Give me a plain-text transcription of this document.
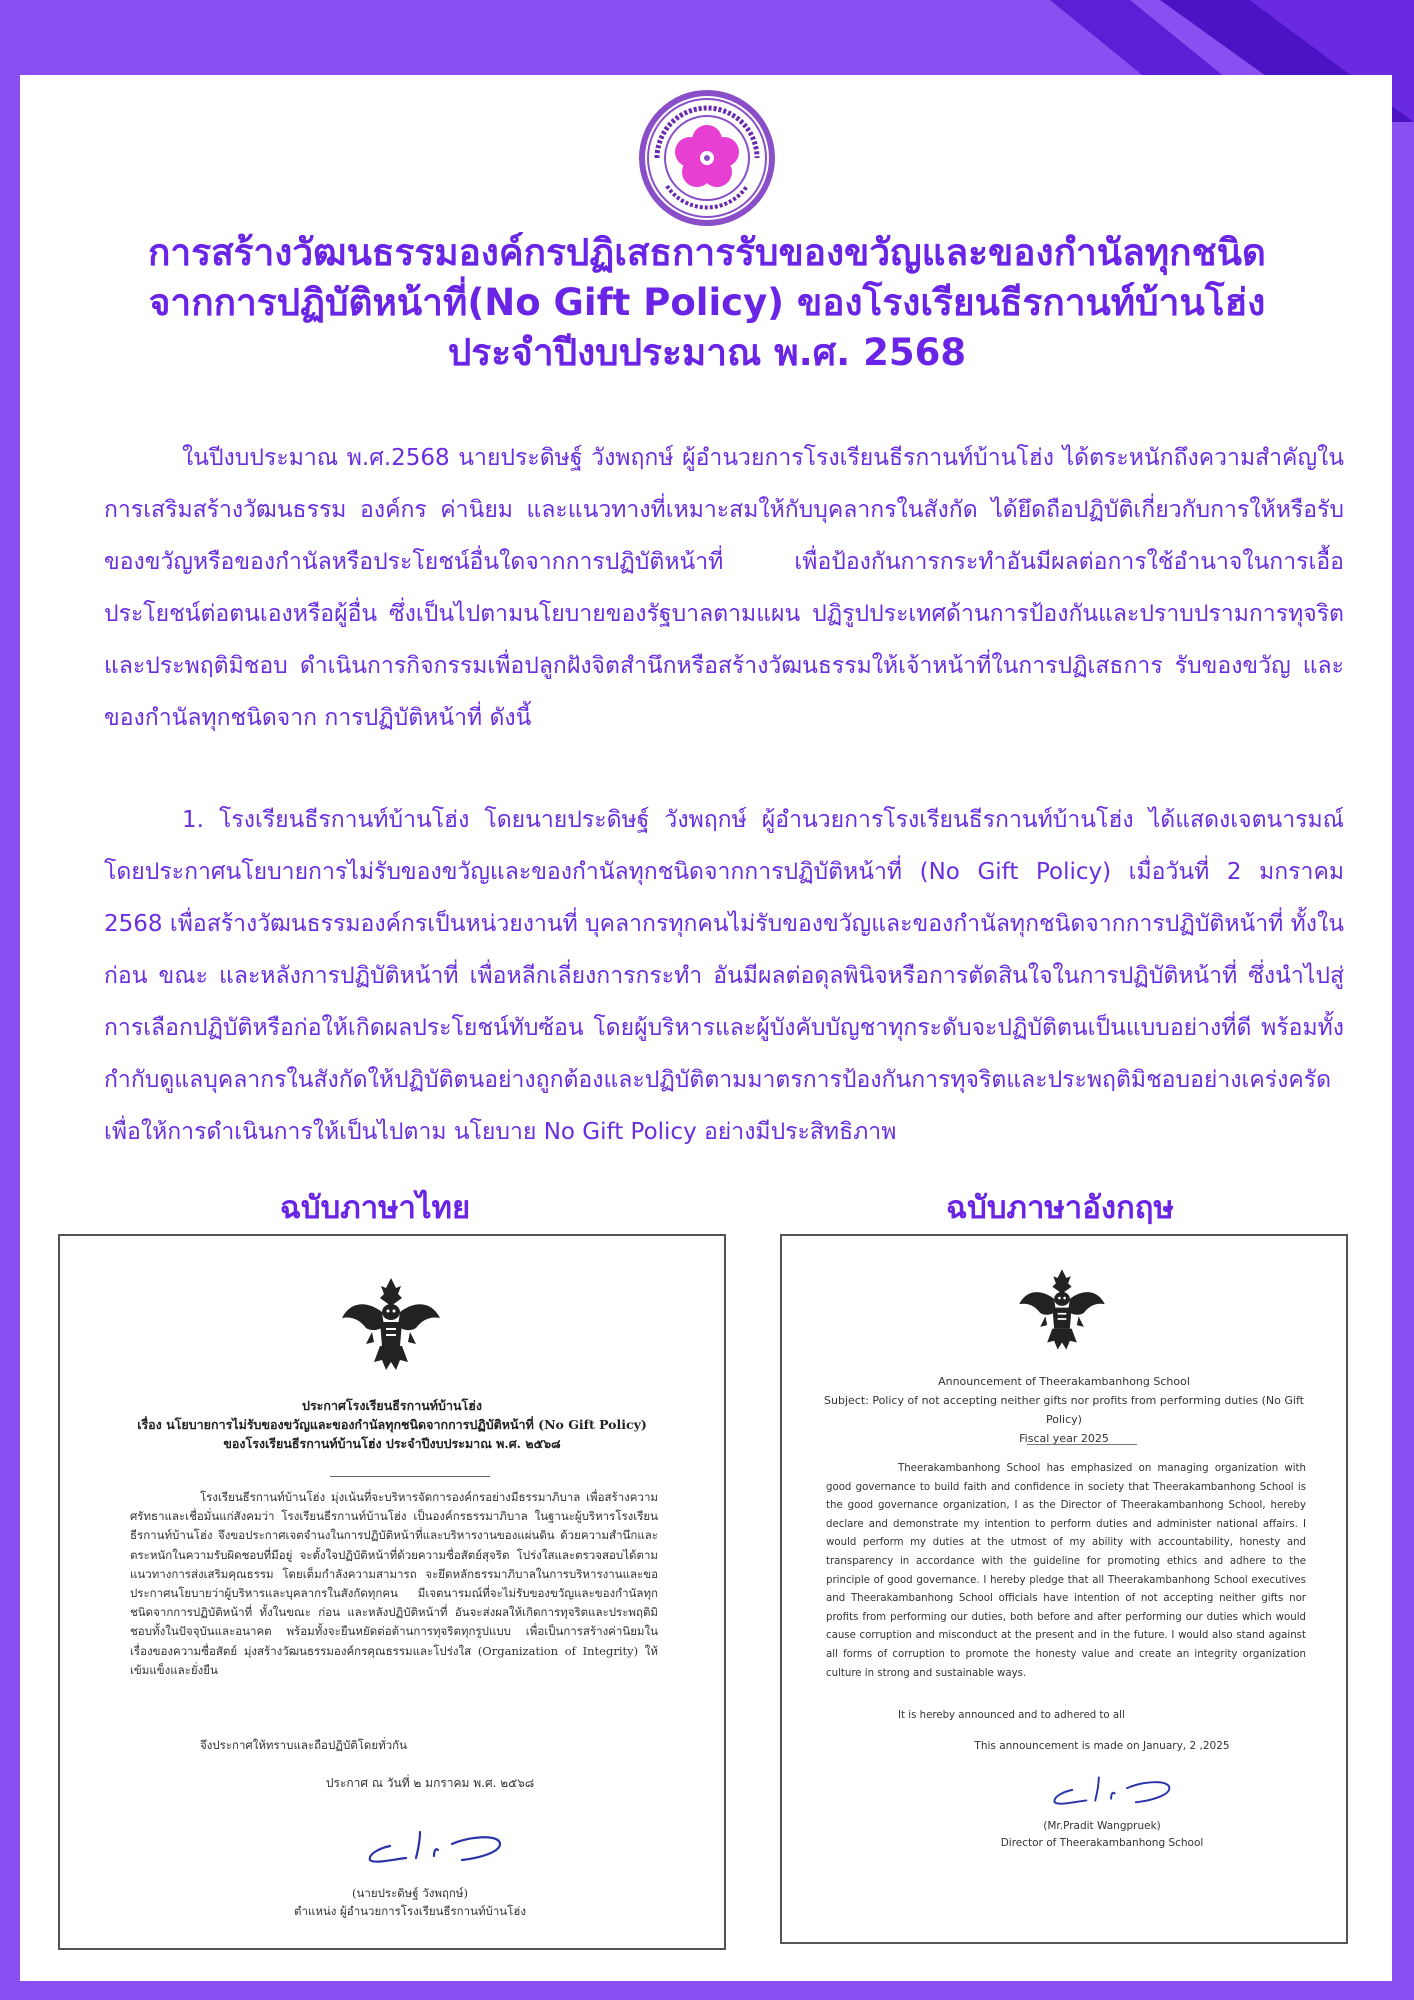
การสร้างวัฒนธรรมองค์กรปฏิเสธการรับของขวัญและของกำนัลทุกชนิด
จากการปฏิบัติหน้าที่(No Gift Policy) ของโรงเรียนธีรกานท์บ้านโฮ่ง
ประจำปีงบประมาณ พ.ศ. 2568

ในปีงบประมาณ พ.ศ.2568 นายประดิษฐ์ วังพฤกษ์ ผู้อำนวยการโรงเรียนธีรกานท์บ้านโฮ่ง ได้ตระหนักถึงความสำคัญในการเสริมสร้างวัฒนธรรม องค์กร ค่านิยม และแนวทางที่เหมาะสมให้กับบุคลากรในสังกัด ได้ยึดถือปฏิบัติเกี่ยวกับการให้หรือรับของขวัญหรือของกำนัลหรือประโยชน์อื่นใดจากการปฏิบัติหน้าที่ เพื่อป้องกันการกระทำอันมีผลต่อการใช้อำนาจในการเอื้อประโยชน์ต่อตนเองหรือผู้อื่น ซึ่งเป็นไปตามนโยบายของรัฐบาลตามแผน ปฏิรูปประเทศด้านการป้องกันและปราบปรามการทุจริตและประพฤติมิชอบ ดำเนินการกิจกรรมเพื่อปลูกฝังจิตสำนึกหรือสร้างวัฒนธรรมให้เจ้าหน้าที่ในการปฏิเสธการ รับของขวัญ และของกำนัลทุกชนิดจาก การปฏิบัติหน้าที่ ดังนี้

1. โรงเรียนธีรกานท์บ้านโฮ่ง โดยนายประดิษฐ์ วังพฤกษ์ ผู้อำนวยการโรงเรียนธีรกานท์บ้านโฮ่ง ได้แสดงเจตนารมณ์โดยประกาศนโยบายการไม่รับของขวัญและของกำนัลทุกชนิดจากการปฏิบัติหน้าที่ (No Gift Policy) เมื่อวันที่ 2 มกราคม 2568 เพื่อสร้างวัฒนธรรมองค์กรเป็นหน่วยงานที่ บุคลากรทุกคนไม่รับของขวัญและของกำนัลทุกชนิดจากการปฏิบัติหน้าที่ ทั้งในก่อน ขณะ และหลังการปฏิบัติหน้าที่ เพื่อหลีกเลี่ยงการกระทำ อันมีผลต่อดุลพินิจหรือการตัดสินใจในการปฏิบัติหน้าที่ ซึ่งนำไปสู่การเลือกปฏิบัติหรือก่อให้เกิดผลประโยชน์ทับซ้อน โดยผู้บริหารและผู้บังคับบัญชาทุกระดับจะปฏิบัติตนเป็นแบบอย่างที่ดี พร้อมทั้งกำกับดูแลบุคลากรในสังกัดให้ปฏิบัติตนอย่างถูกต้องและปฏิบัติตามมาตรการป้องกันการทุจริตและประพฤติมิชอบอย่างเคร่งครัด เพื่อให้การดำเนินการให้เป็นไปตาม นโยบาย No Gift Policy อย่างมีประสิทธิภาพ

ฉบับภาษาไทย	ฉบับภาษาอังกฤษ
ประกาศโรงเรียนธีรกานท์บ้านโฮ่ง
เรื่อง นโยบายการไม่รับของขวัญและของกำนัลทุกชนิดจากการปฏิบัติหน้าที่ (No Gift Policy)
ของโรงเรียนธีรกานท์บ้านโฮ่ง ประจำปีงบประมาณ พ.ศ. ๒๕๖๘

โรงเรียนธีรกานท์บ้านโฮ่ง มุ่งเน้นที่จะบริหารจัดการองค์กรอย่างมีธรรมาภิบาล เพื่อสร้างความศรัทธาและเชื่อมั่นแก่สังคมว่า โรงเรียนธีรกานท์บ้านโฮ่ง เป็นองค์กรธรรมาภิบาล ในฐานะผู้บริหารโรงเรียนธีรกานท์บ้านโฮ่ง จึงขอประกาศเจตจำนงในการปฏิบัติหน้าที่และบริหารงานของแผ่นดิน ด้วยความสำนึกและตระหนักในความรับผิดชอบที่มีอยู่ จะตั้งใจปฏิบัติหน้าที่ด้วยความซื่อสัตย์สุจริต โปร่งใสและตรวจสอบได้ตามแนวทางการส่งเสริมคุณธรรม โดยเต็มกำลังความสามารถ จะยึดหลักธรรมาภิบาลในการบริหารงานและขอประกาศนโยบายว่าผู้บริหารและบุคลากรในสังกัดทุกคน มีเจตนารมณ์ที่จะไม่รับของขวัญและของกำนัลทุกชนิดจากการปฏิบัติหน้าที่ ทั้งในขณะ ก่อน และหลังปฏิบัติหน้าที่ อันจะส่งผลให้เกิดการทุจริตและประพฤติมิชอบทั้งในปัจจุบันและอนาคต พร้อมทั้งจะยืนหยัดต่อต้านการทุจริตทุกรูปแบบ เพื่อเป็นการสร้างค่านิยมในเรื่องของความซื่อสัตย์ มุ่งสร้างวัฒนธรรมองค์กรคุณธรรมและโปร่งใส (Organization of Integrity) ให้เข้มแข็งและยั่งยืน

จึงประกาศให้ทราบและถือปฏิบัติโดยทั่วกัน
ประกาศ ณ วันที่ ๒ มกราคม พ.ศ. ๒๕๖๘
(นายประดิษฐ์ วังพฤกษ์)
ตำแหน่ง ผู้อำนวยการโรงเรียนธีรกานท์บ้านโฮ่ง
Announcement of Theerakambanhong School
Subject: Policy of not accepting neither gifts nor profits from performing duties (No Gift Policy)
Fiscal year 2025

Theerakambanhong School has emphasized on managing organization with good governance to build faith and confidence in society that Theerakambanhong School is the good governance organization, I as the Director of Theerakambanhong School, hereby declare and demonstrate my intention to perform duties and administer national affairs. I would perform my duties at the utmost of my ability with accountability, honesty and transparency in accordance with the guideline for promoting ethics and adhere to the principle of good governance. I hereby pledge that all Theerakambanhong School executives and Theerakambanhong School officials have intention of not accepting neither gifts nor profits from performing our duties, both before and after performing our duties which would cause corruption and misconduct at the present and in the future. I would also stand against all forms of corruption to promote the honesty value and create an integrity organization culture in strong and sustainable ways.

It is hereby announced and to adhered to all
This announcement is made on January, 2 ,2025
(Mr.Pradit Wangpruek)
Director of Theerakambanhong School
